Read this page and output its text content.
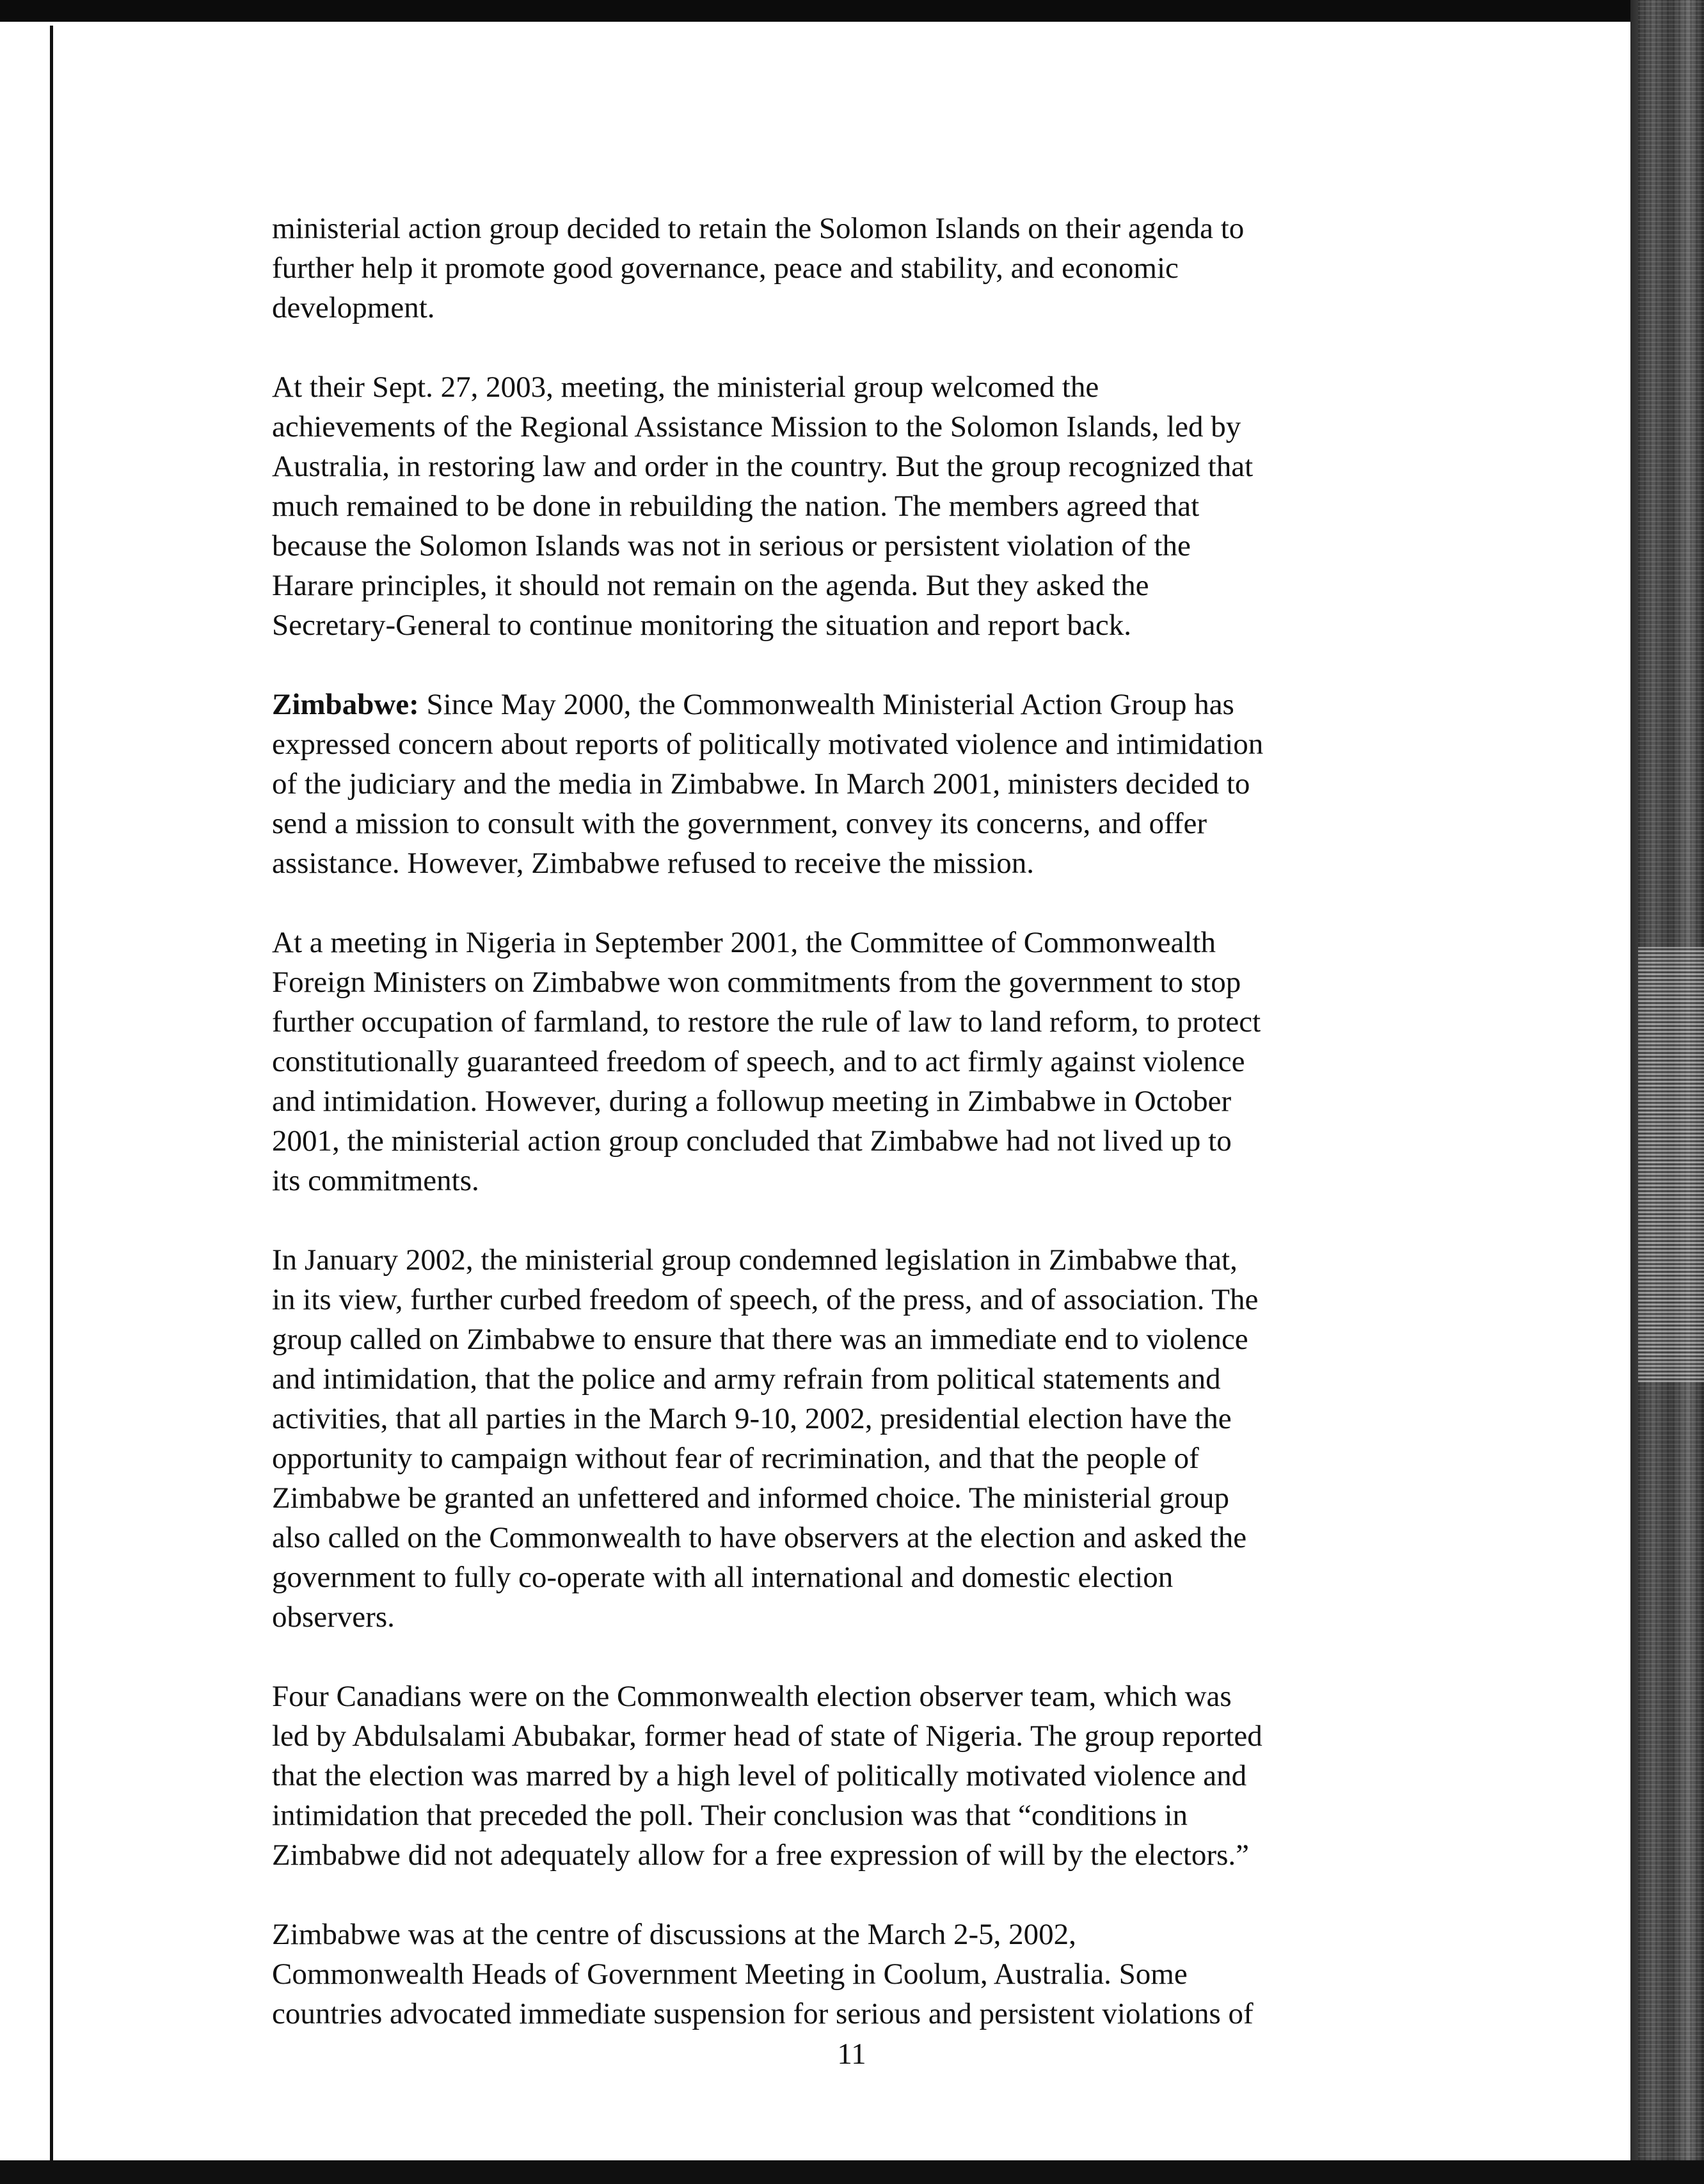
ministerial action group decided to retain the Solomon Islands on their agenda to
further help it promote good governance, peace and stability, and economic
development.

At their Sept. 27, 2003, meeting, the ministerial group welcomed the
achievements of the Regional Assistance Mission to the Solomon Islands, led by
Australia, in restoring law and order in the country. But the group recognized that
much remained to be done in rebuilding the nation. The members agreed that
because the Solomon Islands was not in serious or persistent violation of the
Harare principles, it should not remain on the agenda. But they asked the
Secretary-General to continue monitoring the situation and report back.

Zimbabwe: Since May 2000, the Commonwealth Ministerial Action Group has
expressed concern about reports of politically motivated violence and intimidation
of the judiciary and the media in Zimbabwe. In March 2001, ministers decided to
send a mission to consult with the government, convey its concerns, and offer
assistance. However, Zimbabwe refused to receive the mission.

At a meeting in Nigeria in September 2001, the Committee of Commonwealth
Foreign Ministers on Zimbabwe won commitments from the government to stop
further occupation of farmland, to restore the rule of law to land reform, to protect
constitutionally guaranteed freedom of speech, and to act firmly against violence
and intimidation. However, during a followup meeting in Zimbabwe in October
2001, the ministerial action group concluded that Zimbabwe had not lived up to
its commitments.

In January 2002, the ministerial group condemned legislation in Zimbabwe that,
in its view, further curbed freedom of speech, of the press, and of association. The
group called on Zimbabwe to ensure that there was an immediate end to violence
and intimidation, that the police and army refrain from political statements and
activities, that all parties in the March 9-10, 2002, presidential election have the
opportunity to campaign without fear of recrimination, and that the people of
Zimbabwe be granted an unfettered and informed choice. The ministerial group
also called on the Commonwealth to have observers at the election and asked the
government to fully co-operate with all international and domestic election
observers.

Four Canadians were on the Commonwealth election observer team, which was
led by Abdulsalami Abubakar, former head of state of Nigeria. The group reported
that the election was marred by a high level of politically motivated violence and
intimidation that preceded the poll. Their conclusion was that “conditions in
Zimbabwe did not adequately allow for a free expression of will by the electors.”

Zimbabwe was at the centre of discussions at the March 2-5, 2002,
Commonwealth Heads of Government Meeting in Coolum, Australia. Some
countries advocated immediate suspension for serious and persistent violations of

11
